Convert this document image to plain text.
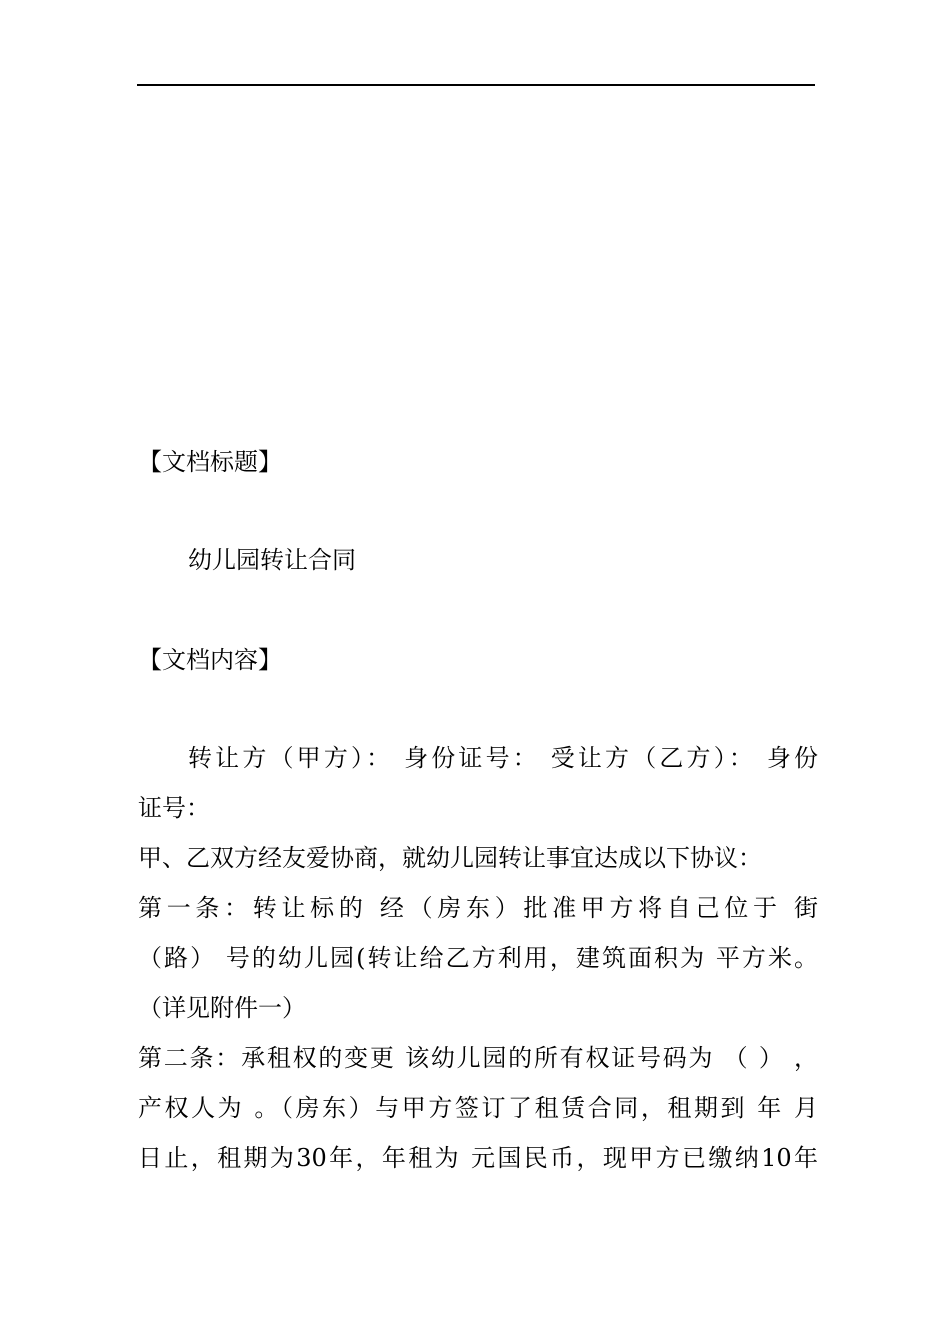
【文档标题】
幼儿园转让合同
【文档内容】
转让方（甲方）： 身份证号： 受让方（乙方）： 身份
证号：
甲、乙双方经友爱协商，就幼儿园转让事宜达成以下协议：
第一条：转让标的 经（房东）批准甲方将自己位于 街
（路） 号的幼儿园(转让给乙方利用，建筑面积为 平方米。
（详见附件一）
第二条：承租权的变更 该幼儿园的所有权证号码为 （ ） ，
产权人为 。（房东）与甲方签订了租赁合同，租期到 年 月
日止，租期为30年，年租为 元国民币，现甲方已缴纳10年
